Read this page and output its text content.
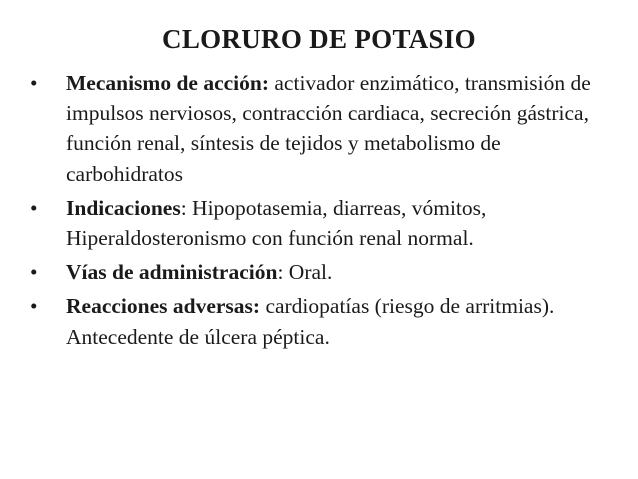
CLORURO DE POTASIO
•	Mecanismo de acción: activador enzimático, transmisión de impulsos nerviosos, contracción cardiaca, secreción gástrica, función renal, síntesis de tejidos y metabolismo de carbohidratos
•	Indicaciones: Hipopotasemia, diarreas, vómitos, Hiperaldosteronismo con función renal normal.
•	Vías de administración: Oral.
•	Reacciones adversas: cardiopatías (riesgo de arritmias). Antecedente de úlcera péptica.
